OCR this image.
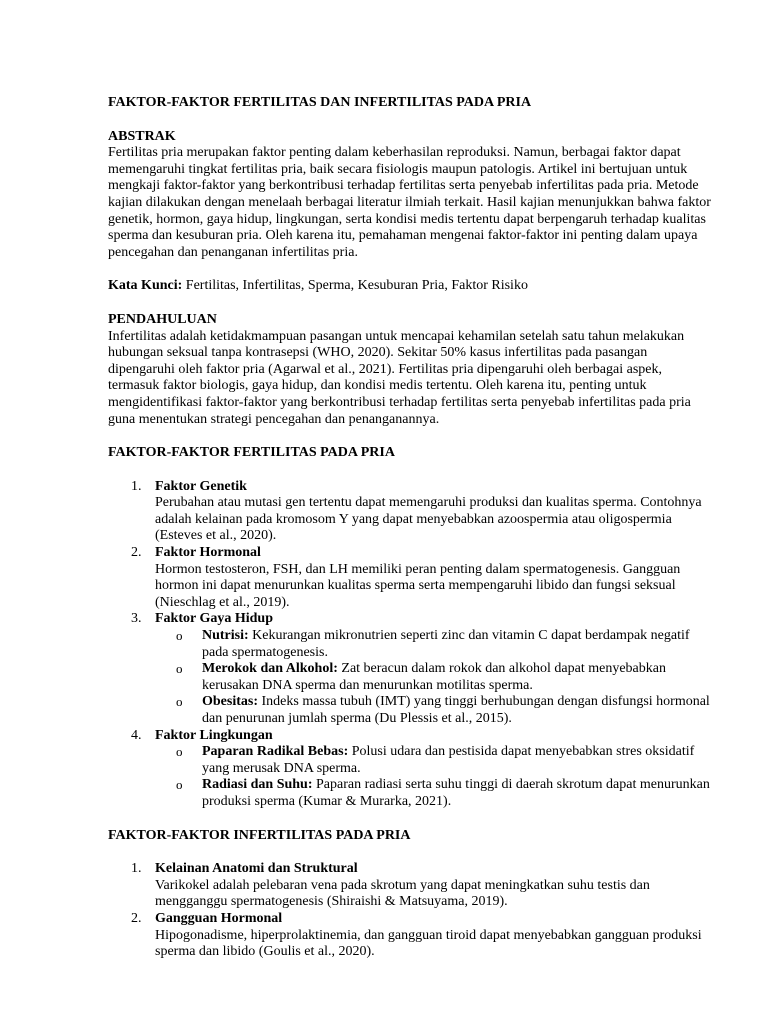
FAKTOR-FAKTOR FERTILITAS DAN INFERTILITAS PADA PRIA
ABSTRAK

Fertilitas pria merupakan faktor penting dalam keberhasilan reproduksi. Namun, berbagai faktor dapat memengaruhi tingkat fertilitas pria, baik secara fisiologis maupun patologis. Artikel ini bertujuan untuk mengkaji faktor-faktor yang berkontribusi terhadap fertilitas serta penyebab infertilitas pada pria. Metode kajian dilakukan dengan menelaah berbagai literatur ilmiah terkait. Hasil kajian menunjukkan bahwa faktor genetik, hormon, gaya hidup, lingkungan, serta kondisi medis tertentu dapat berpengaruh terhadap kualitas sperma dan kesuburan pria. Oleh karena itu, pemahaman mengenai faktor-faktor ini penting dalam upaya pencegahan dan penanganan infertilitas pria.

Kata Kunci: Fertilitas, Infertilitas, Sperma, Kesuburan Pria, Faktor Risiko

PENDAHULUAN

Infertilitas adalah ketidakmampuan pasangan untuk mencapai kehamilan setelah satu tahun melakukan hubungan seksual tanpa kontrasepsi (WHO, 2020). Sekitar 50% kasus infertilitas pada pasangan dipengaruhi oleh faktor pria (Agarwal et al., 2021). Fertilitas pria dipengaruhi oleh berbagai aspek, termasuk faktor biologis, gaya hidup, dan kondisi medis tertentu. Oleh karena itu, penting untuk mengidentifikasi faktor-faktor yang berkontribusi terhadap fertilitas serta penyebab infertilitas pada pria guna menentukan strategi pencegahan dan penanganannya.

FAKTOR-FAKTOR FERTILITAS PADA PRIA
1. Faktor Genetik
Perubahan atau mutasi gen tertentu dapat memengaruhi produksi dan kualitas sperma. Contohnya adalah kelainan pada kromosom Y yang dapat menyebabkan azoospermia atau oligospermia (Esteves et al., 2020).
2. Faktor Hormonal
Hormon testosteron, FSH, dan LH memiliki peran penting dalam spermatogenesis. Gangguan hormon ini dapat menurunkan kualitas sperma serta mempengaruhi libido dan fungsi seksual (Nieschlag et al., 2019).
3. Faktor Gaya Hidup
o Nutrisi: Kekurangan mikronutrien seperti zinc dan vitamin C dapat berdampak negatif pada spermatogenesis.
o Merokok dan Alkohol: Zat beracun dalam rokok dan alkohol dapat menyebabkan kerusakan DNA sperma dan menurunkan motilitas sperma.
o Obesitas: Indeks massa tubuh (IMT) yang tinggi berhubungan dengan disfungsi hormonal dan penurunan jumlah sperma (Du Plessis et al., 2015).
4. Faktor Lingkungan
o Paparan Radikal Bebas: Polusi udara dan pestisida dapat menyebabkan stres oksidatif yang merusak DNA sperma.
o Radiasi dan Suhu: Paparan radiasi serta suhu tinggi di daerah skrotum dapat menurunkan produksi sperma (Kumar & Murarka, 2021).
FAKTOR-FAKTOR INFERTILITAS PADA PRIA
1. Kelainan Anatomi dan Struktural
Varikokel adalah pelebaran vena pada skrotum yang dapat meningkatkan suhu testis dan mengganggu spermatogenesis (Shiraishi & Matsuyama, 2019).
2. Gangguan Hormonal
Hipogonadisme, hiperprolaktinemia, dan gangguan tiroid dapat menyebabkan gangguan produksi sperma dan libido (Goulis et al., 2020).
